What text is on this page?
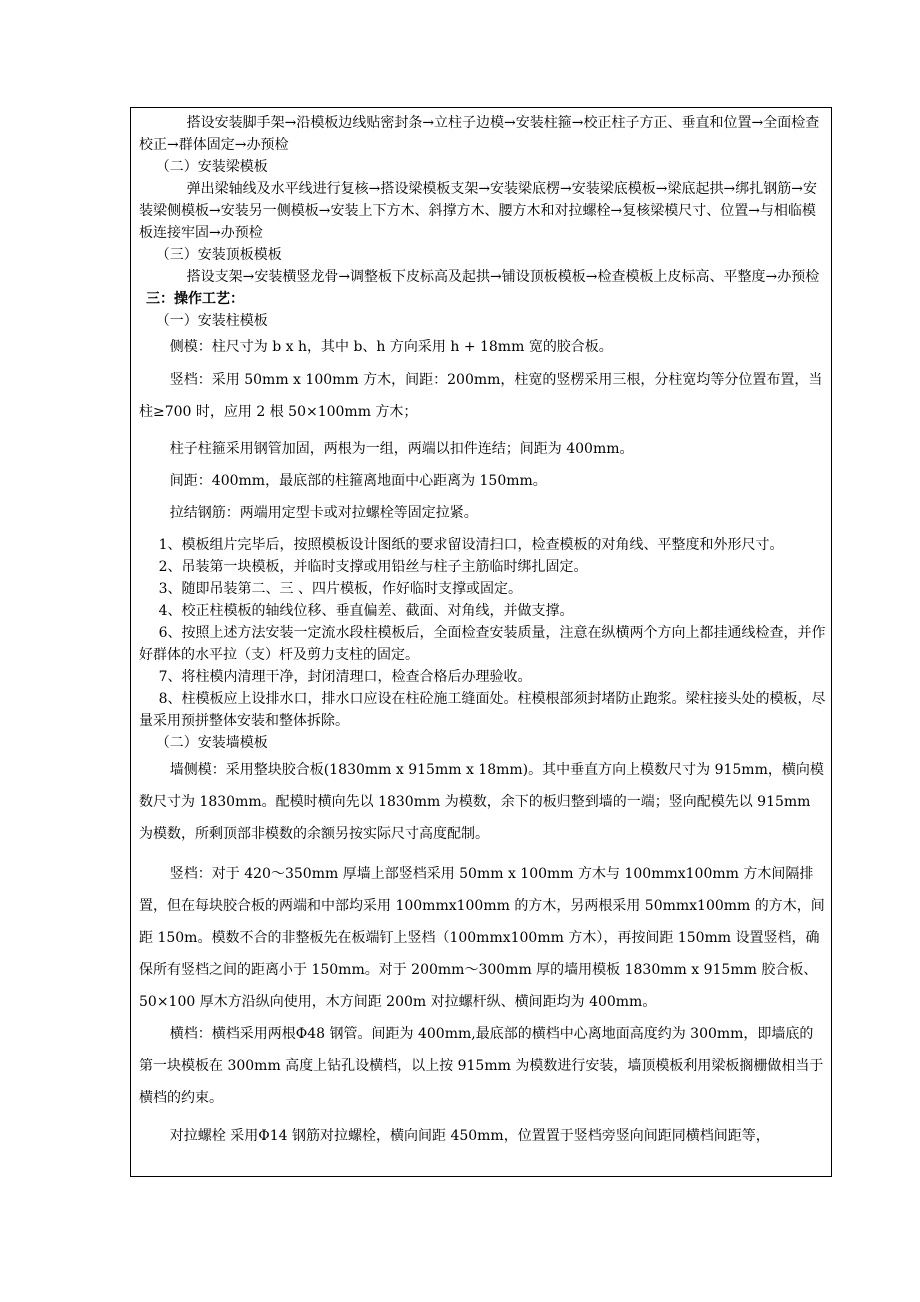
搭设安装脚手架→沿模板边线贴密封条→立柱子边模→安装柱箍→校正柱子方正、垂直和位置→全面检查校正→群体固定→办预检

（二）安装梁模板

弹出梁轴线及水平线进行复核→搭设梁模板支架→安装梁底楞→安装梁底模板→梁底起拱→绑扎钢筋→安装梁侧模板→安装另一侧模板→安装上下方木、斜撑方木、腰方木和对拉螺栓→复核梁模尺寸、位置→与相临模板连接牢固→办预检

（三）安装顶板模板

搭设支架→安装横竖龙骨→调整板下皮标高及起拱→铺设顶板模板→检查模板上皮标高、平整度→办预检

三：操作工艺：

（一）安装柱模板

侧模：柱尺寸为 b x h，其中 b、h 方向采用 h + 18mm 宽的胶合板。

竖档：采用 50mm x 100mm 方木，间距：200mm，柱宽的竖楞采用三根，分柱宽均等分位置布置，当柱≥700 时，应用 2 根 50×100mm 方木；

柱子柱箍采用钢管加固，两根为一组，两端以扣件连结；间距为 400mm。

间距：400mm，最底部的柱箍离地面中心距离为 150mm。

拉结钢筋：两端用定型卡或对拉螺栓等固定拉紧。

1、模板组片完毕后，按照模板设计图纸的要求留设清扫口，检查模板的对角线、平整度和外形尺寸。

2、吊装第一块模板，并临时支撑或用铅丝与柱子主筋临时绑扎固定。

3、随即吊装第二、三 、四片模板，作好临时支撑或固定。

4、校正柱模板的轴线位移、垂直偏差、截面、对角线，并做支撑。

6、按照上述方法安装一定流水段柱模板后，全面检查安装质量，注意在纵横两个方向上都挂通线检查，并作好群体的水平拉（支）杆及剪力支柱的固定。

7、将柱模内清理干净，封闭清理口，检查合格后办理验收。

8、柱模板应上设排水口，排水口应设在柱砼施工缝面处。柱模根部须封堵防止跑浆。梁柱接头处的模板，尽量采用预拼整体安装和整体拆除。

（二）安装墙模板

墙侧模：采用整块胶合板(1830mm x 915mm x 18mm)。其中垂直方向上模数尺寸为 915mm，横向模数尺寸为 1830mm。配模时横向先以 1830mm 为模数，余下的板归整到墙的一端；竖向配模先以 915mm 为模数，所剩顶部非模数的余额另按实际尺寸高度配制。

竖档：对于 420～350mm 厚墙上部竖档采用 50mm x 100mm 方木与 100mmx100mm 方木间隔排置，但在每块胶合板的两端和中部均采用 100mmx100mm 的方木，另两根采用 50mmx100mm 的方木，间距 150m。模数不合的非整板先在板端钉上竖档（100mmx100mm 方木），再按间距 150mm 设置竖档，确保所有竖档之间的距离小于 150mm。对于 200mm～300mm 厚的墙用模板 1830mm x 915mm 胶合板、50×100 厚木方沿纵向使用，木方间距 200m 对拉螺杆纵、横间距均为 400mm。

横档：横档采用两根Φ48 钢管。间距为 400mm,最底部的横档中心离地面高度约为 300mm，即墙底的第一块模板在 300mm 高度上钻孔设横档，以上按 915mm 为模数进行安装，墙顶模板利用梁板搁栅做相当于横档的约束。

对拉螺栓 采用Φ14 钢筋对拉螺栓，横向间距 450mm，位置置于竖档旁竖向间距同横档间距等，
